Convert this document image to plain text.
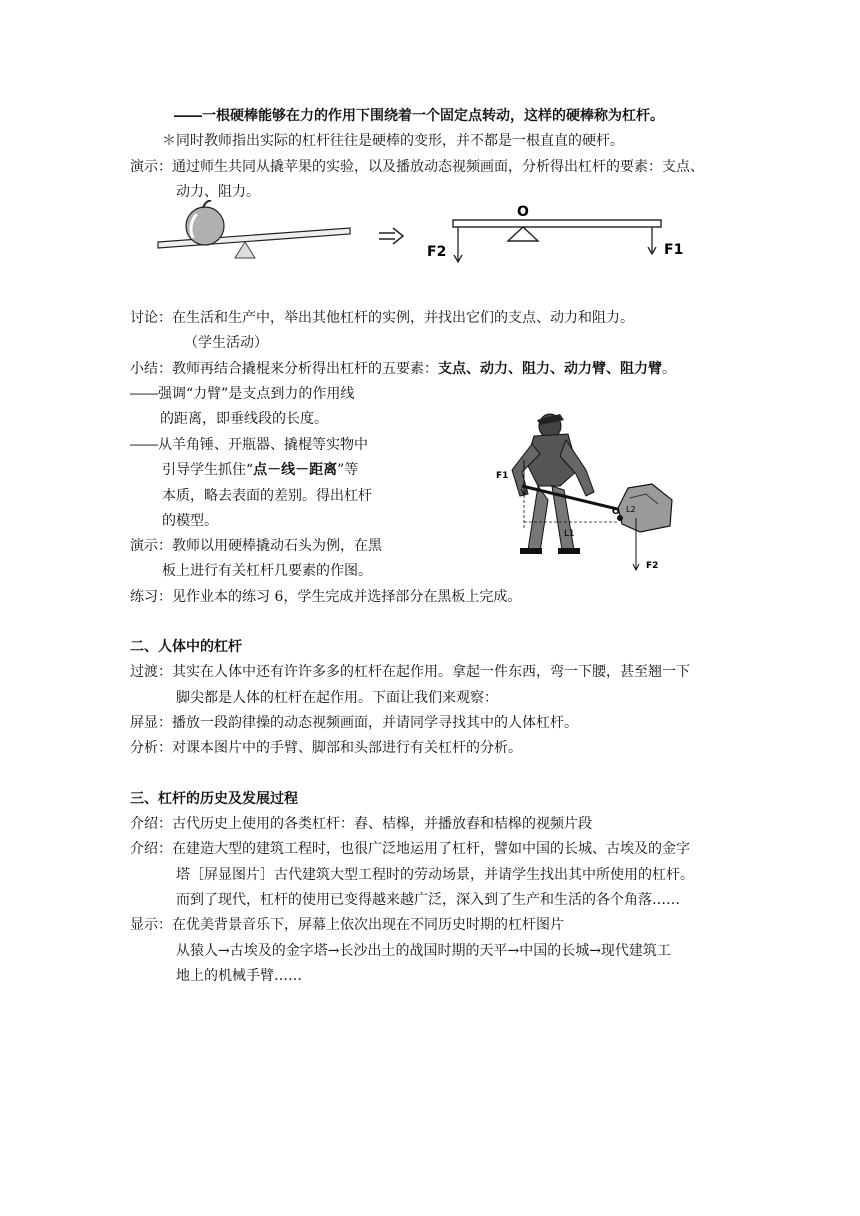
――一根硬棒能够在力的作用下围绕着一个固定点转动，这样的硬棒称为杠杆。
＊同时教师指出实际的杠杆往往是硬棒的变形，并不都是一根直直的硬杆。
演示：通过师生共同从撬苹果的实验，以及播放动态视频画面，分析得出杠杆的要素：支点、
动力、阻力。
O
F2	F1
讨论：在生活和生产中，举出其他杠杆的实例，并找出它们的支点、动力和阻力。
（学生活动）
小结：教师再结合撬棍来分析得出杠杆的五要素：支点、动力、阻力、动力臂、阻力臂。
――强调“力臂”是支点到力的作用线
的距离，即垂线段的长度。
――从羊角锤、开瓶器、撬棍等实物中
引导学生抓住“点－线－距离”等
本质，略去表面的差别。得出杠杆
的模型。
演示：教师以用硬棒撬动石头为例，在黑
板上进行有关杠杆几要素的作图。
F1
L1
O L2
F2
练习：见作业本的练习 6，学生完成并选择部分在黑板上完成。
二、人体中的杠杆
过渡：其实在人体中还有许许多多的杠杆在起作用。拿起一件东西，弯一下腰，甚至翘一下
脚尖都是人体的杠杆在起作用。下面让我们来观察：
屏显：播放一段韵律操的动态视频画面，并请同学寻找其中的人体杠杆。
分析：对课本图片中的手臂、脚部和头部进行有关杠杆的分析。
三、杠杆的历史及发展过程
介绍：古代历史上使用的各类杠杆：舂、桔槔，并播放舂和桔槔的视频片段
介绍：在建造大型的建筑工程时，也很广泛地运用了杠杆，譬如中国的长城、古埃及的金字
塔［屏显图片］古代建筑大型工程时的劳动场景，并请学生找出其中所使用的杠杆。
而到了现代，杠杆的使用已变得越来越广泛，深入到了生产和生活的各个角落……
显示：在优美背景音乐下，屏幕上依次出现在不同历史时期的杠杆图片
从猿人→古埃及的金字塔→长沙出土的战国时期的天平→中国的长城→现代建筑工
地上的机械手臂……
